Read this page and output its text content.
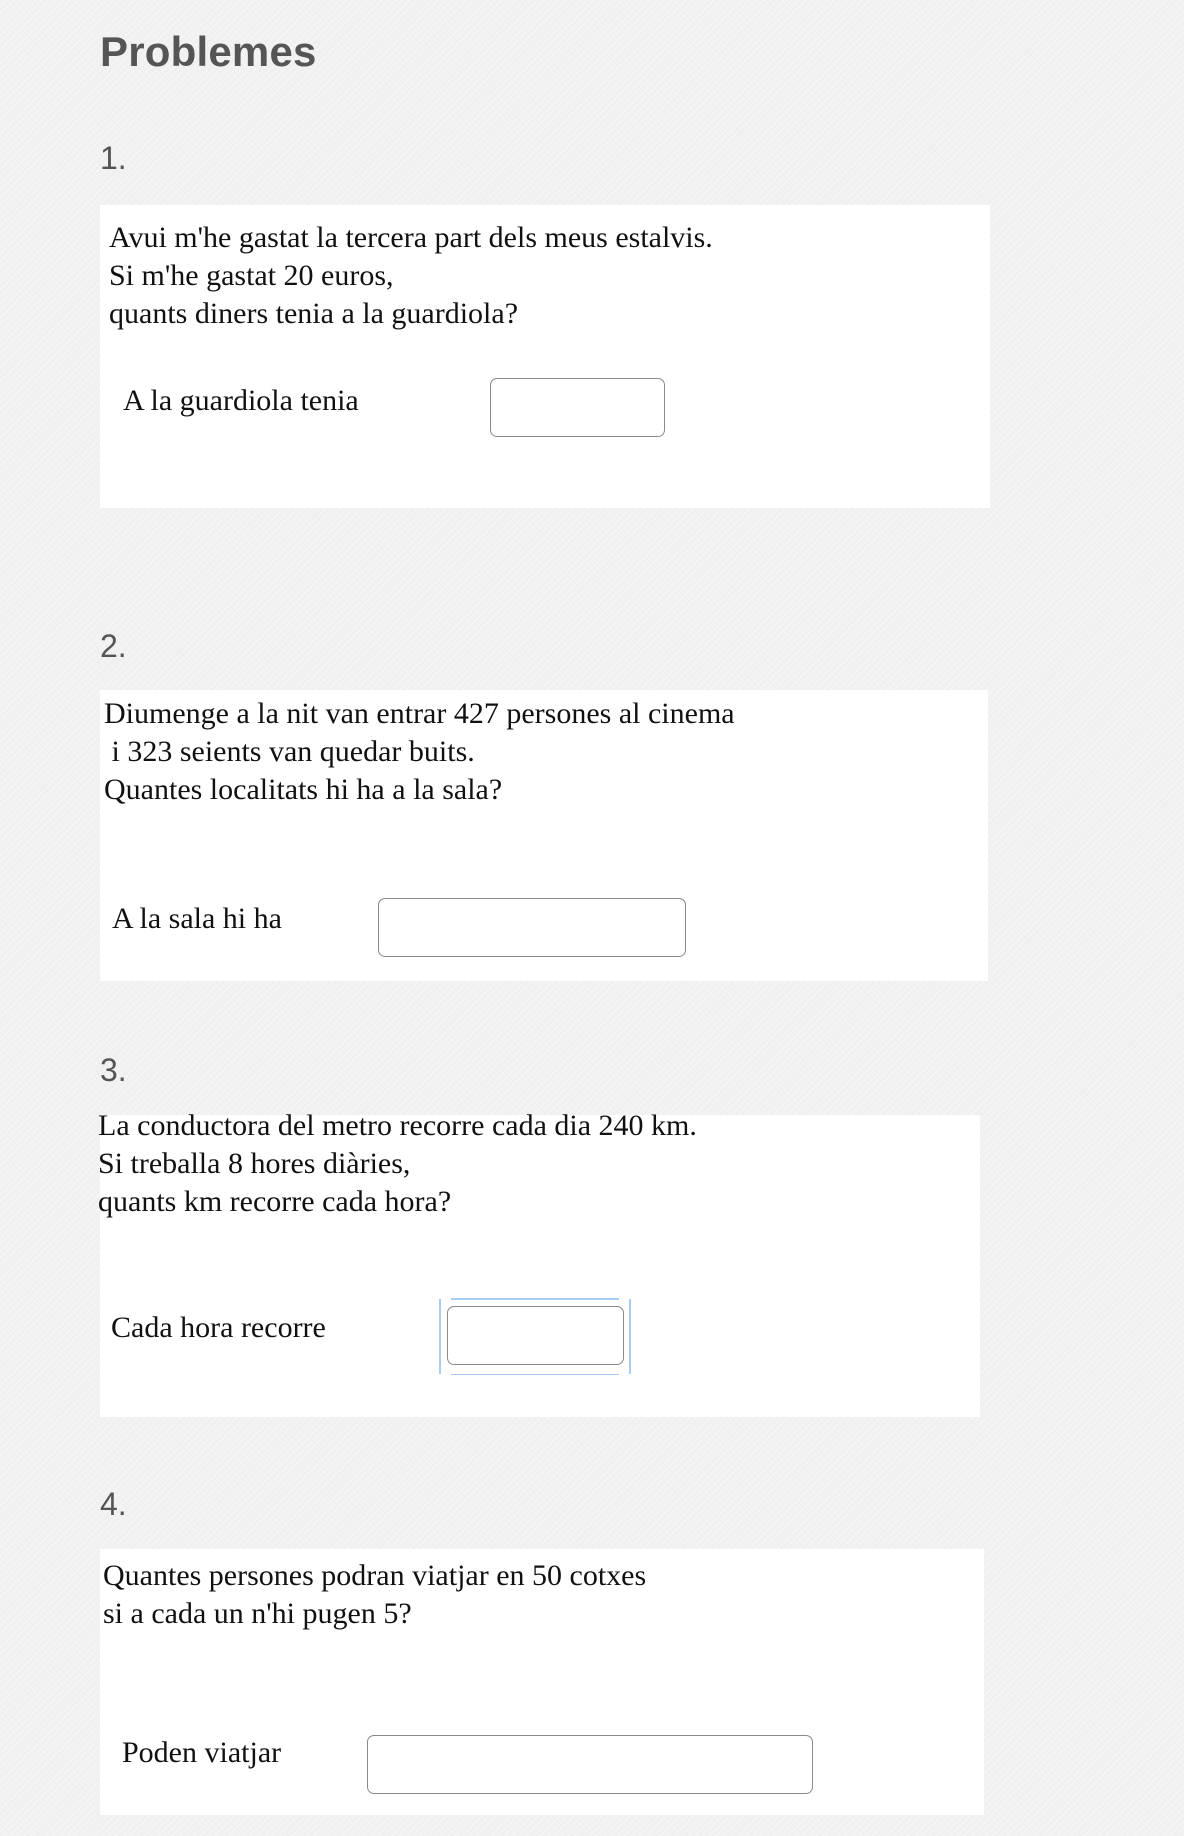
Problemes
1.

Avui m'he gastat la tercera part dels meus estalvis.
Si m'he gastat 20 euros,
quants diners tenia a la guardiola?

A la guardiola tenia

2.

Diumenge a la nit van entrar 427 persones al cinema
i 323 seients van quedar buits.
Quantes localitats hi ha a la sala?

A la sala hi ha

3.

La conductora del metro recorre cada dia 240 km.
Si treballa 8 hores diàries,
quants km recorre cada hora?

Cada hora recorre

4.

Quantes persones podran viatjar en 50 cotxes
si a cada un n'hi pugen 5?

Poden viatjar
